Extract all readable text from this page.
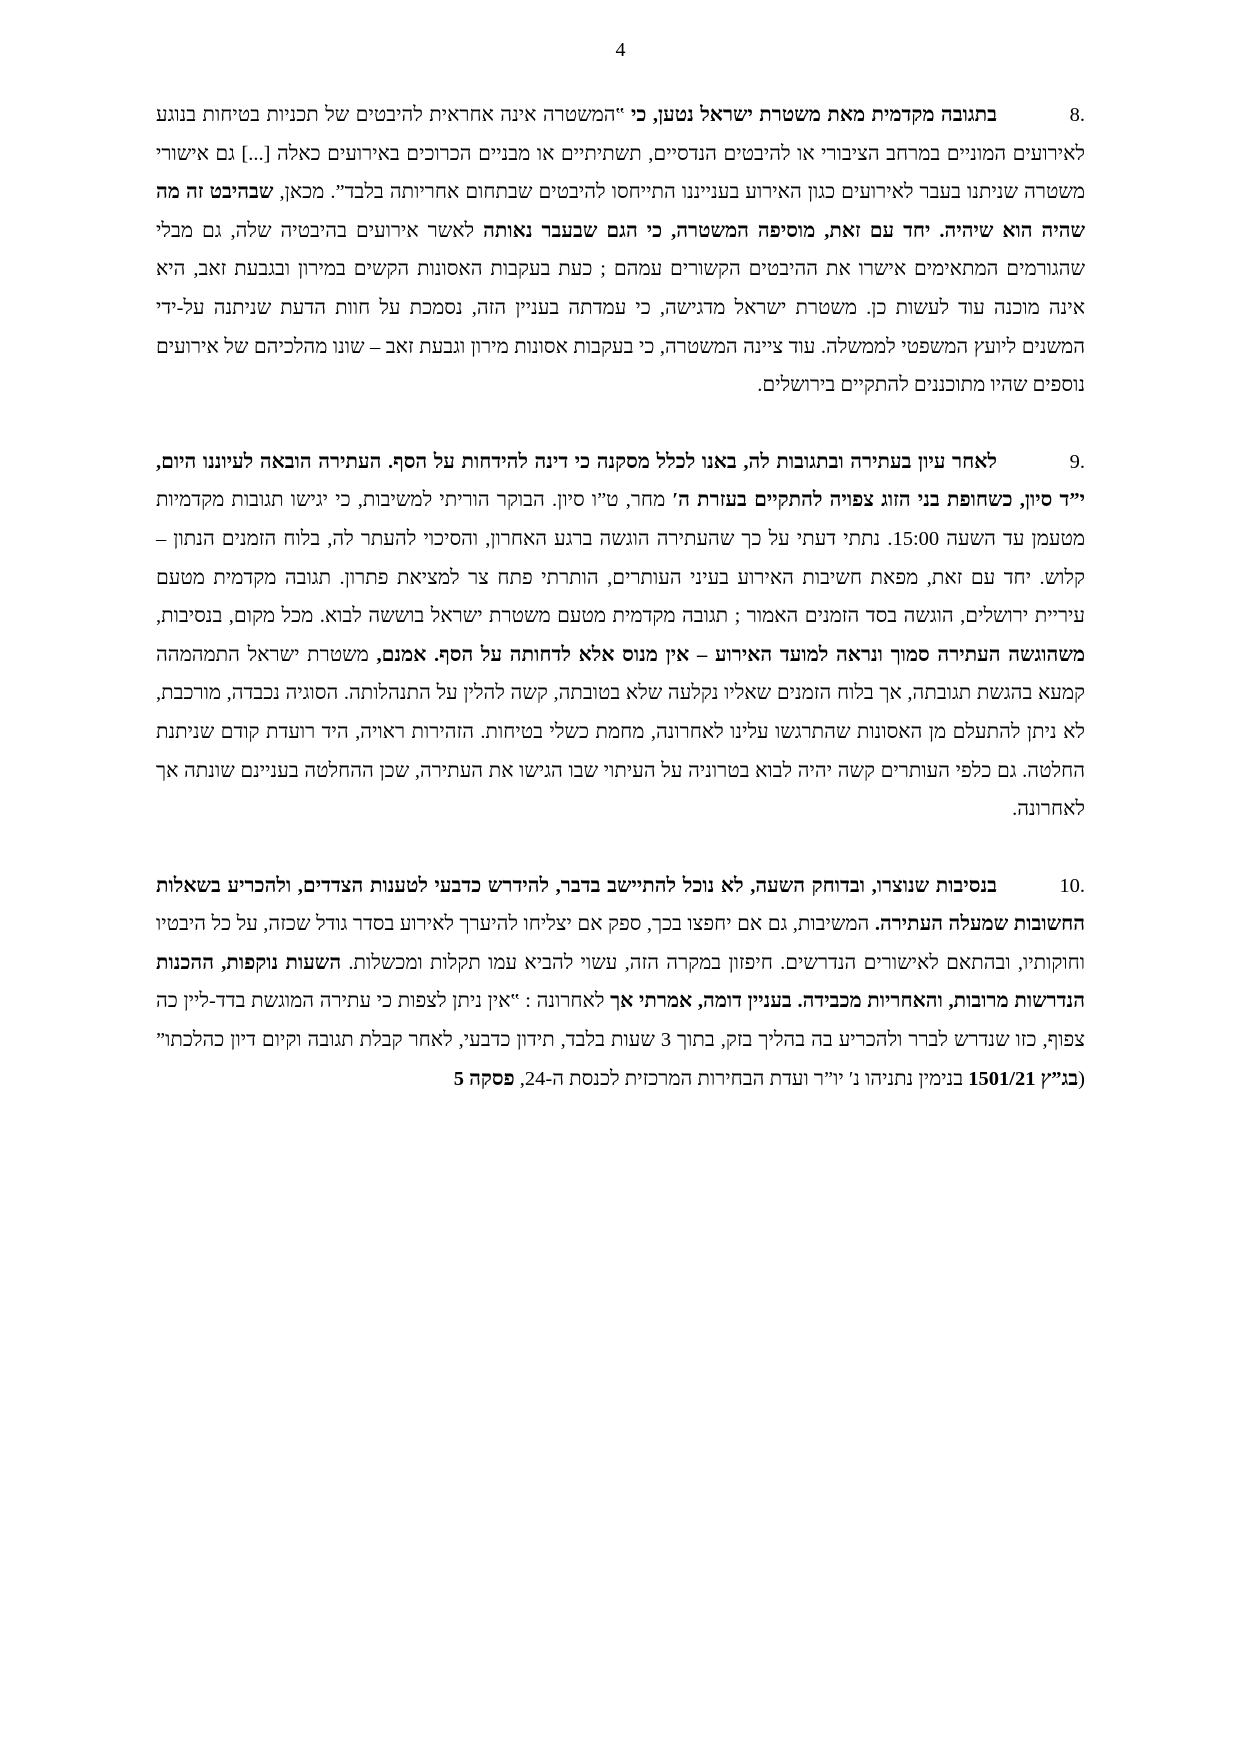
4

8.בתגובה מקדמית מאת משטרת ישראל נטען, כי ‟המשטרה אינה אחראית להיבטים של תכניות בטיחות בנוגע לאירועים המוניים במרחב הציבורי או להיבטים הנדסיים, תשתיתיים או מבניים הכרוכים באירועים כאלה [...] גם אישורי משטרה שניתנו בעבר לאירועים כגון האירוע בענייננו התייחסו להיבטים שבתחום אחריותה בלבד”. מכאן, שבהיבט זה מה שהיה הוא שיהיה. יחד עם זאת, מוסיפה המשטרה, כי הגם שבעבר נאותה לאשר אירועים בהיבטיה שלה, גם מבלי שהגורמים המתאימים אישרו את ההיבטים הקשורים עמהם ; כעת בעקבות האסונות הקשים במירון ובגבעת זאב, היא אינה מוכנה עוד לעשות כן. משטרת ישראל מדגישה, כי עמדתה בעניין הזה, נסמכת על חוות הדעת שניתנה על-ידי המשנים ליועץ המשפטי לממשלה. עוד ציינה המשטרה, כי בעקבות אסונות מירון וגבעת זאב – שונו מהלכיהם של אירועים נוספים שהיו מתוכננים להתקיים בירושלים.

9.לאחר עיון בעתירה ובתגובות לה, באנו לכלל מסקנה כי דינה להידחות על הסף. העתירה הובאה לעיוננו היום, י”ד סיון, כשחופת בני הזוג צפויה להתקיים בעזרת ה′ מחר, ט”ו סיון. הבוקר הוריתי למשיבות, כי יגישו תגובות מקדמיות מטעמן עד השעה 15:00. נתתי דעתי על כך שהעתירה הוגשה ברגע האחרון, והסיכוי להעתר לה, בלוח הזמנים הנתון – קלוש. יחד עם זאת, מפאת חשיבות האירוע בעיני העותרים, הותרתי פתח צר למציאת פתרון. תגובה מקדמית מטעם עיריית ירושלים, הוגשה בסד הזמנים האמור ; תגובה מקדמית מטעם משטרת ישראל בוששה לבוא. מכל מקום, בנסיבות, משהוגשה העתירה סמוך ונראה למועד האירוע – אין מנוס אלא לדחותה על הסף. אמנם, משטרת ישראל התמהמהה קמעא בהגשת תגובתה, אך בלוח הזמנים שאליו נקלעה שלא בטובתה, קשה להלין על התנהלותה. הסוגיה נכבדה, מורכבת, לא ניתן להתעלם מן האסונות שהתרגשו עלינו לאחרונה, מחמת כשלי בטיחות. הזהירות ראויה, היד רועדת קודם שניתנת החלטה. גם כלפי העותרים קשה יהיה לבוא בטרוניה על העיתוי שבו הגישו את העתירה, שכן ההחלטה בעניינם שונתה אך לאחרונה.

10.בנסיבות שנוצרו, ובדוחק השעה, לא נוכל להתיישב בדבר, להידרש כדבעי לטענות הצדדים, ולהכריע בשאלות החשובות שמעלה העתירה. המשיבות, גם אם יחפצו בכך, ספק אם יצליחו להיערך לאירוע בסדר גודל שכזה, על כל היבטיו וחוקותיו, ובהתאם לאישורים הנדרשים. חיפזון במקרה הזה, עשוי להביא עמו תקלות ומכשלות. השעות נוקפות, ההכנות הנדרשות מרובות, והאחריות מכבידה. בעניין דומה, אמרתי אך לאחרונה : ‟אין ניתן לצפות כי עתירה המוגשת בדד-ליין כה צפוף, כזו שנדרש לברר ולהכריע בה בהליך בזק, בתוך 3 שעות בלבד, תידון כדבעי, לאחר קבלת תגובה וקיום דיון כהלכתו” (בג”ץ 1501/21 בנימין נתניהו נ′ יו”ר ועדת הבחירות המרכזית לכנסת ה-24, פסקה 5
